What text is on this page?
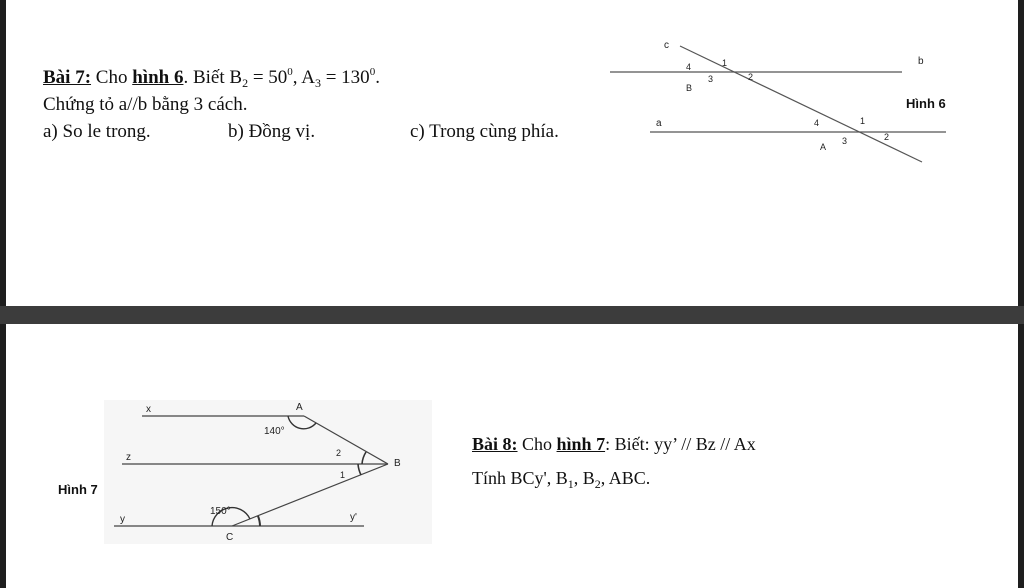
Bài 7: Cho hình 6. Biết $B_2 = 50^0$, $A_3 = 130^0$.
Chứng tỏ a//b bằng 3 cách.
a) So le trong.	b) Đồng vị.	c) Trong cùng phía.
c
b
a
B
A
1
2
3
4
1
2
3
4
Hình 6
x
z
y	y'
A
B
C
140°
150°
1
2
Hình 7
Bài 8: Cho hình 7: Biết: yy’ // Bz // Ax
Tính BCy', $B_1$, $B_2$, ABC.
